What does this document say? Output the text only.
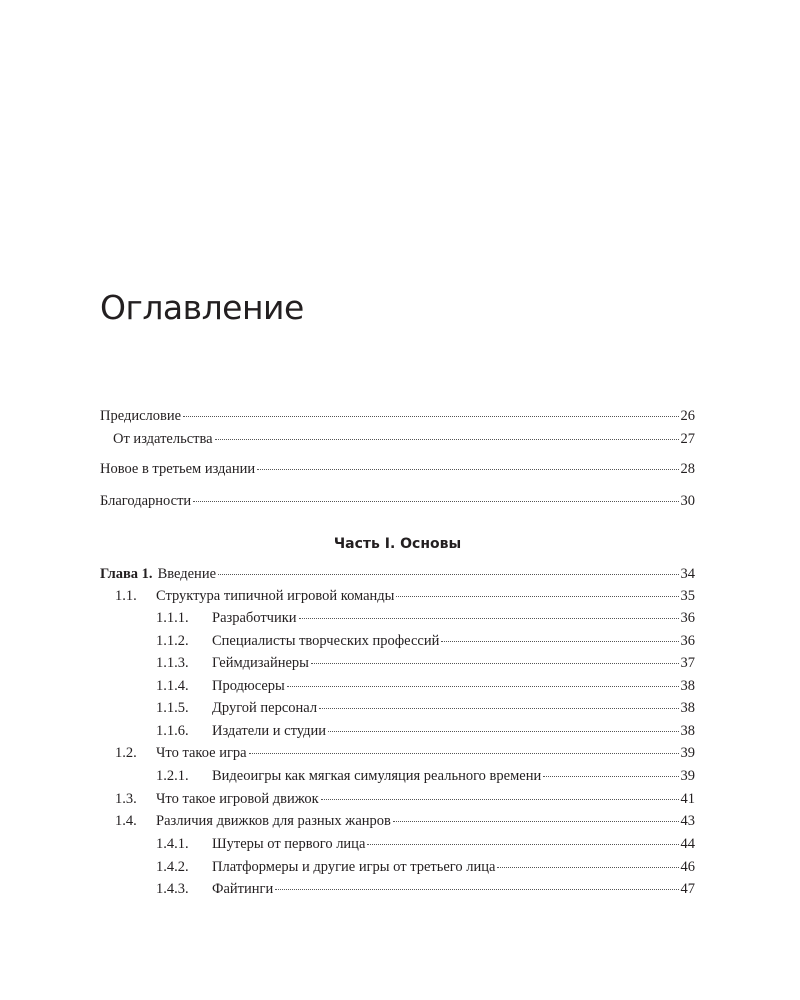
Оглавление
Предисловие	26
От издательства	27
Новое в третьем издании	28
Благодарности	30
Часть I. Основы
Глава 1. Введение	34
1.1.	Структура типичной игровой команды	35
1.1.1.	Разработчики	36
1.1.2.	Специалисты творческих профессий	36
1.1.3.	Геймдизайнеры	37
1.1.4.	Продюсеры	38
1.1.5.	Другой персонал	38
1.1.6.	Издатели и студии	38
1.2.	Что такое игра	39
1.2.1.	Видеоигры как мягкая симуляция реального времени	39
1.3.	Что такое игровой движок	41
1.4.	Различия движков для разных жанров	43
1.4.1.	Шутеры от первого лица	44
1.4.2.	Платформеры и другие игры от третьего лица	46
1.4.3.	Файтинги	47
